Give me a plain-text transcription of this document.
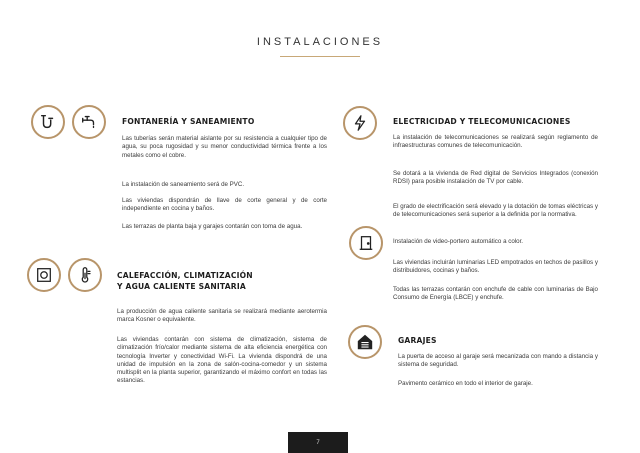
INSTALACIONES
FONTANERÍA Y SANEAMIENTO
Las tuberías serán material aislante por su resistencia a cualquier tipo de agua, su poca rugosidad y su menor conductividad térmica frente a los metales como el cobre.
La instalación de saneamiento será de PVC.
Las viviendas dispondrán de llave de corte general y de corte independiente en cocina y baños.
Las terrazas de planta baja y garajes contarán con toma de agua.
CALEFACCIÓN, CLIMATIZACIÓN
Y AGUA CALIENTE SANITARIA
La producción de agua caliente sanitaria se realizará mediante aerotermia marca Kosner o equivalente.
Las viviendas contarán con sistema de climatización, sistema de climatización frío/calor mediante sistema de alta eficiencia energética con tecnología Inverter y conectividad Wi-Fi. La vivienda dispondrá de una unidad de impulsión en la zona de salón-cocina-comedor y un sistema multisplit en la planta superior, garantizando el máximo confort en todas las estancias.
ELECTRICIDAD Y TELECOMUNICACIONES
La instalación de telecomunicaciones se realizará según reglamento de infraestructuras comunes de telecomunicación.
Se dotará a la vivienda de Red digital de Servicios Integrados (conexión RDSI) para posible instalación de TV por cable.
El grado de electrificación será elevado y la dotación de tomas eléctricas y de telecomunicaciones será superior a la definida por la normativa.
Instalación de video-portero automático a color.
Las viviendas incluirán luminarias LED empotrados en techos de pasillos y distribuidores, cocinas y baños.
Todas las terrazas contarán con enchufe de cable con luminarias de Bajo Consumo de Energía (LBCE) y enchufe.
GARAJES
La puerta de acceso al garaje será mecanizada con mando a distancia y sistema de seguridad.
Pavimento cerámico en todo el interior de garaje.
7
